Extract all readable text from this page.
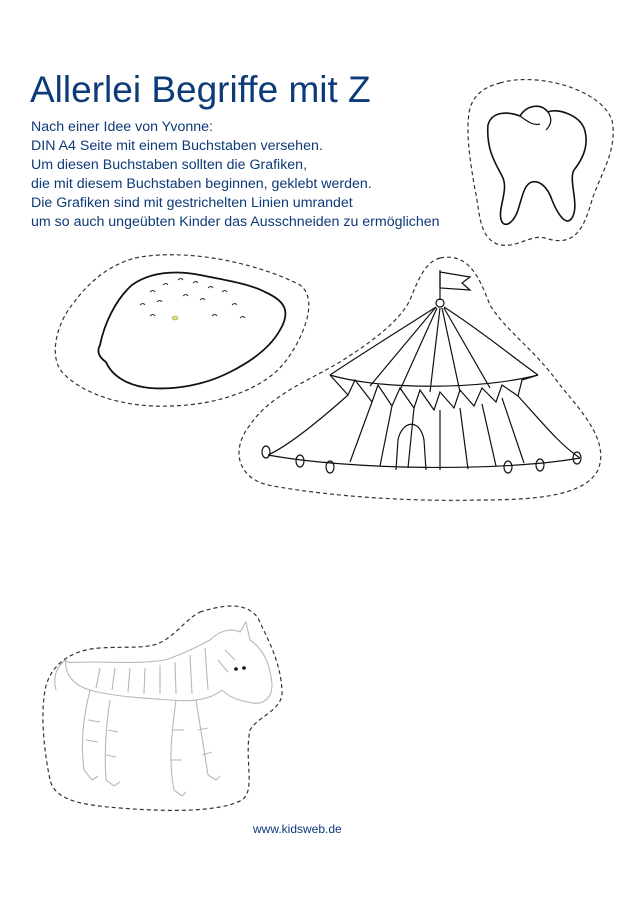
Allerlei Begriffe mit Z
Nach einer Idee von Yvonne:
DIN A4 Seite mit einem Buchstaben versehen.
Um diesen Buchstaben sollten die Grafiken,
die mit diesem Buchstaben beginnen, geklebt werden.
Die Grafiken sind mit gestrichelten Linien umrandet
um so auch ungeübten Kinder das Ausschneiden zu ermöglichen
www.kidsweb.de
